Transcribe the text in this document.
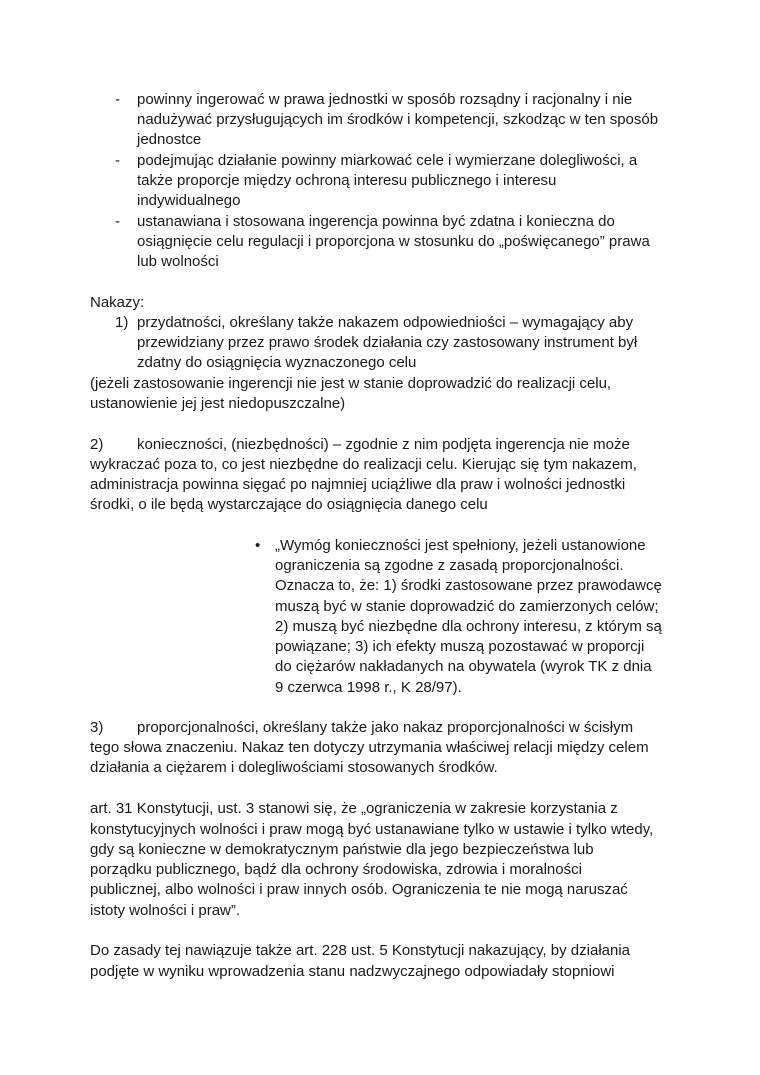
- powinny ingerować w prawa jednostki w sposób rozsądny i racjonalny i nie
nadużywać przysługujących im środków i kompetencji, szkodząc w ten sposób
jednostce
- podejmując działanie powinny miarkować cele i wymierzane dolegliwości, a
także proporcje między ochroną interesu publicznego i interesu
indywidualnego
- ustanawiana i stosowana ingerencja powinna być zdatna i konieczna do
osiągnięcie celu regulacji i proporcjona w stosunku do „poświęcanego” prawa
lub wolności
Nakazy:
1) przydatności, określany także nakazem odpowiedniości – wymagający aby
przewidziany przez prawo środek działania czy zastosowany instrument był
zdatny do osiągnięcia wyznaczonego celu
(jeżeli zastosowanie ingerencji nie jest w stanie doprowadzić do realizacji celu,
ustanowienie jej jest niedopuszczalne)
2) konieczności, (niezbędności) – zgodnie z nim podjęta ingerencja nie może
wykraczać poza to, co jest niezbędne do realizacji celu. Kierując się tym nakazem,
administracja powinna sięgać po najmniej uciążliwe dla praw i wolności jednostki
środki, o ile będą wystarczające do osiągnięcia danego celu
• „Wymóg konieczności jest spełniony, jeżeli ustanowione
ograniczenia są zgodne z zasadą proporcjonalności.
Oznacza to, że: 1) środki zastosowane przez prawodawcę
muszą być w stanie doprowadzić do zamierzonych celów;
2) muszą być niezbędne dla ochrony interesu, z którym są
powiązane; 3) ich efekty muszą pozostawać w proporcji
do ciężarów nakładanych na obywatela (wyrok TK z dnia
9 czerwca 1998 r., K 28/97).
3) proporcjonalności, określany także jako nakaz proporcjonalności w ścisłym
tego słowa znaczeniu. Nakaz ten dotyczy utrzymania właściwej relacji między celem
działania a ciężarem i dolegliwościami stosowanych środków.
art. 31 Konstytucji, ust. 3 stanowi się, że „ograniczenia w zakresie korzystania z
konstytucyjnych wolności i praw mogą być ustanawiane tylko w ustawie i tylko wtedy,
gdy są konieczne w demokratycznym państwie dla jego bezpieczeństwa lub
porządku publicznego, bądź dla ochrony środowiska, zdrowia i moralności
publicznej, albo wolności i praw innych osób. Ograniczenia te nie mogą naruszać
istoty wolności i praw”.
Do zasady tej nawiązuje także art. 228 ust. 5 Konstytucji nakazujący, by działania
podjęte w wyniku wprowadzenia stanu nadzwyczajnego odpowiadały stopniowi
